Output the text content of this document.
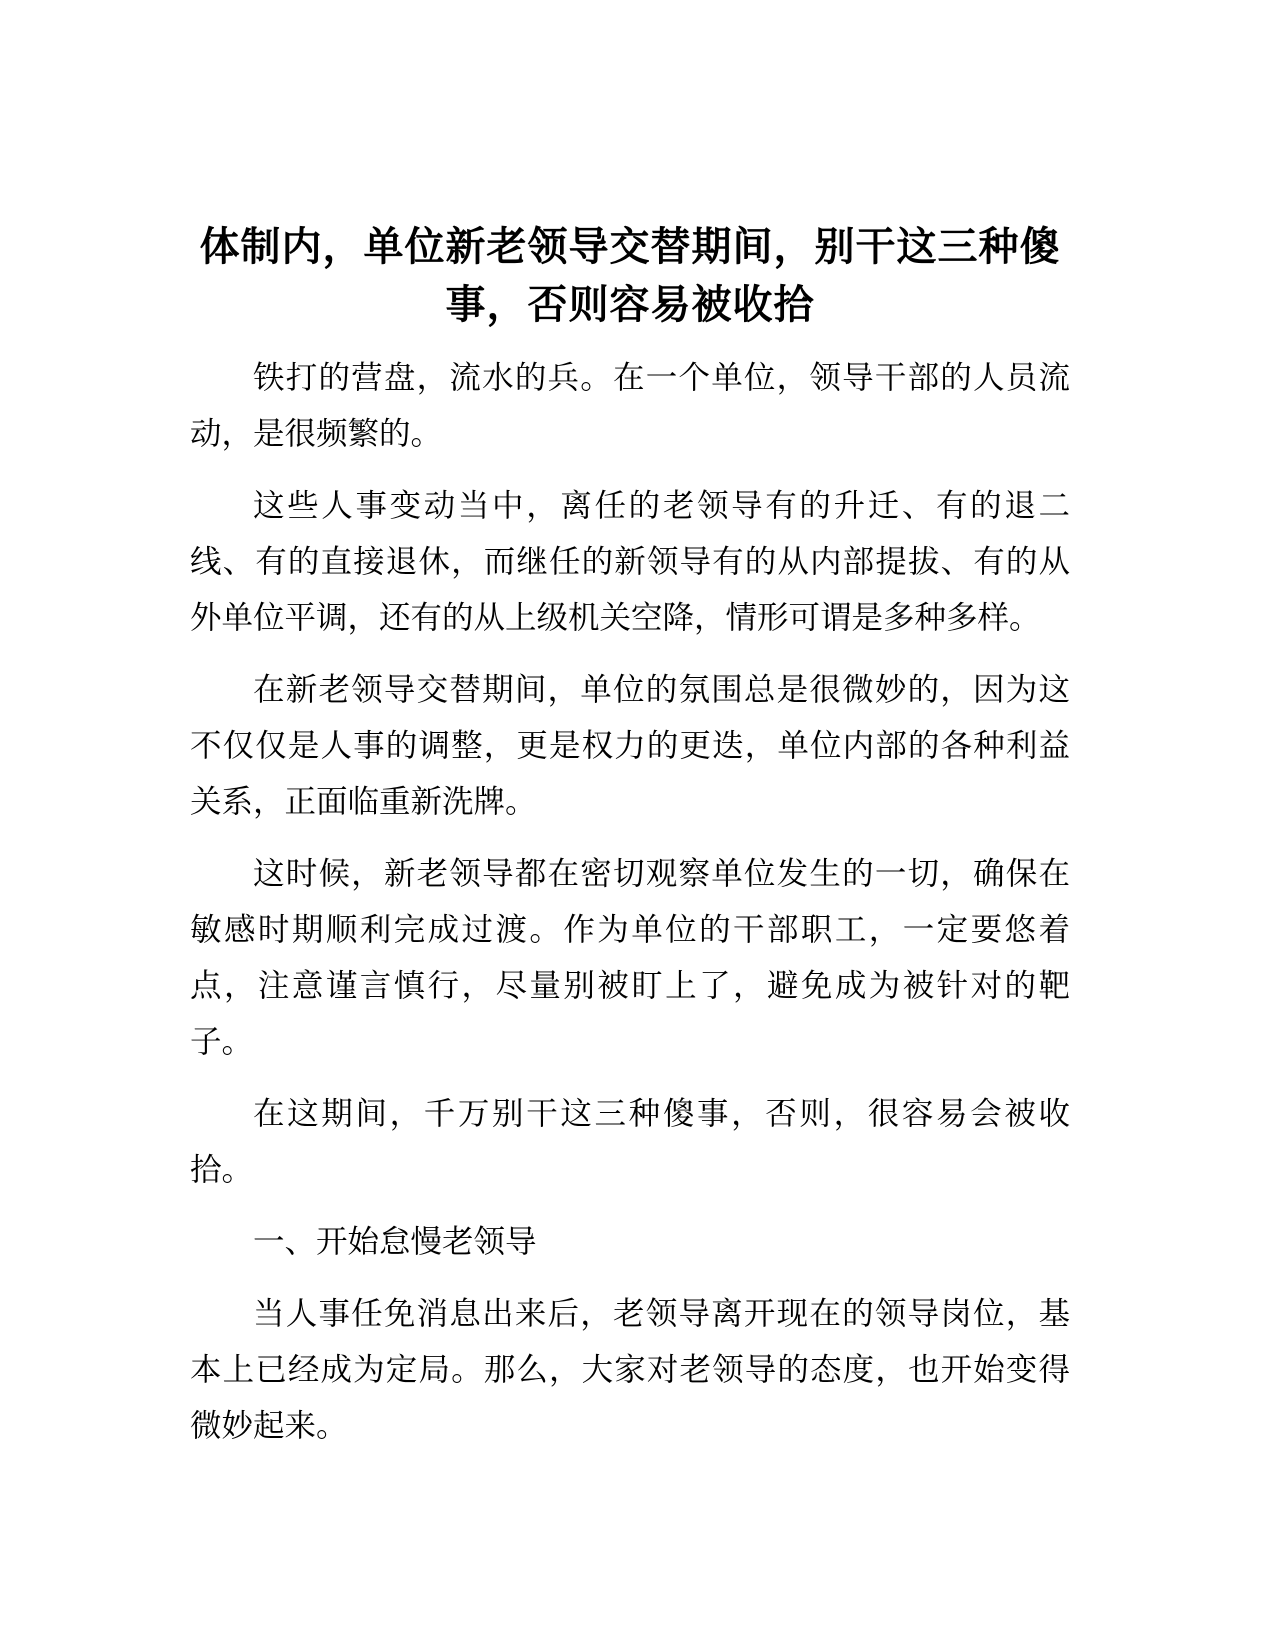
体制内，单位新老领导交替期间，别干这三种傻事，否则容易被收拾

铁打的营盘，流水的兵。在一个单位，领导干部的人员流动，是很频繁的。

这些人事变动当中，离任的老领导有的升迁、有的退二线、有的直接退休，而继任的新领导有的从内部提拔、有的从外单位平调，还有的从上级机关空降，情形可谓是多种多样。

在新老领导交替期间，单位的氛围总是很微妙的，因为这不仅仅是人事的调整，更是权力的更迭，单位内部的各种利益关系，正面临重新洗牌。

这时候，新老领导都在密切观察单位发生的一切，确保在敏感时期顺利完成过渡。作为单位的干部职工，一定要悠着点，注意谨言慎行，尽量别被盯上了，避免成为被针对的靶子。

在这期间，千万别干这三种傻事，否则，很容易会被收拾。

一、开始怠慢老领导

当人事任免消息出来后，老领导离开现在的领导岗位，基本上已经成为定局。那么，大家对老领导的态度，也开始变得微妙起来。
